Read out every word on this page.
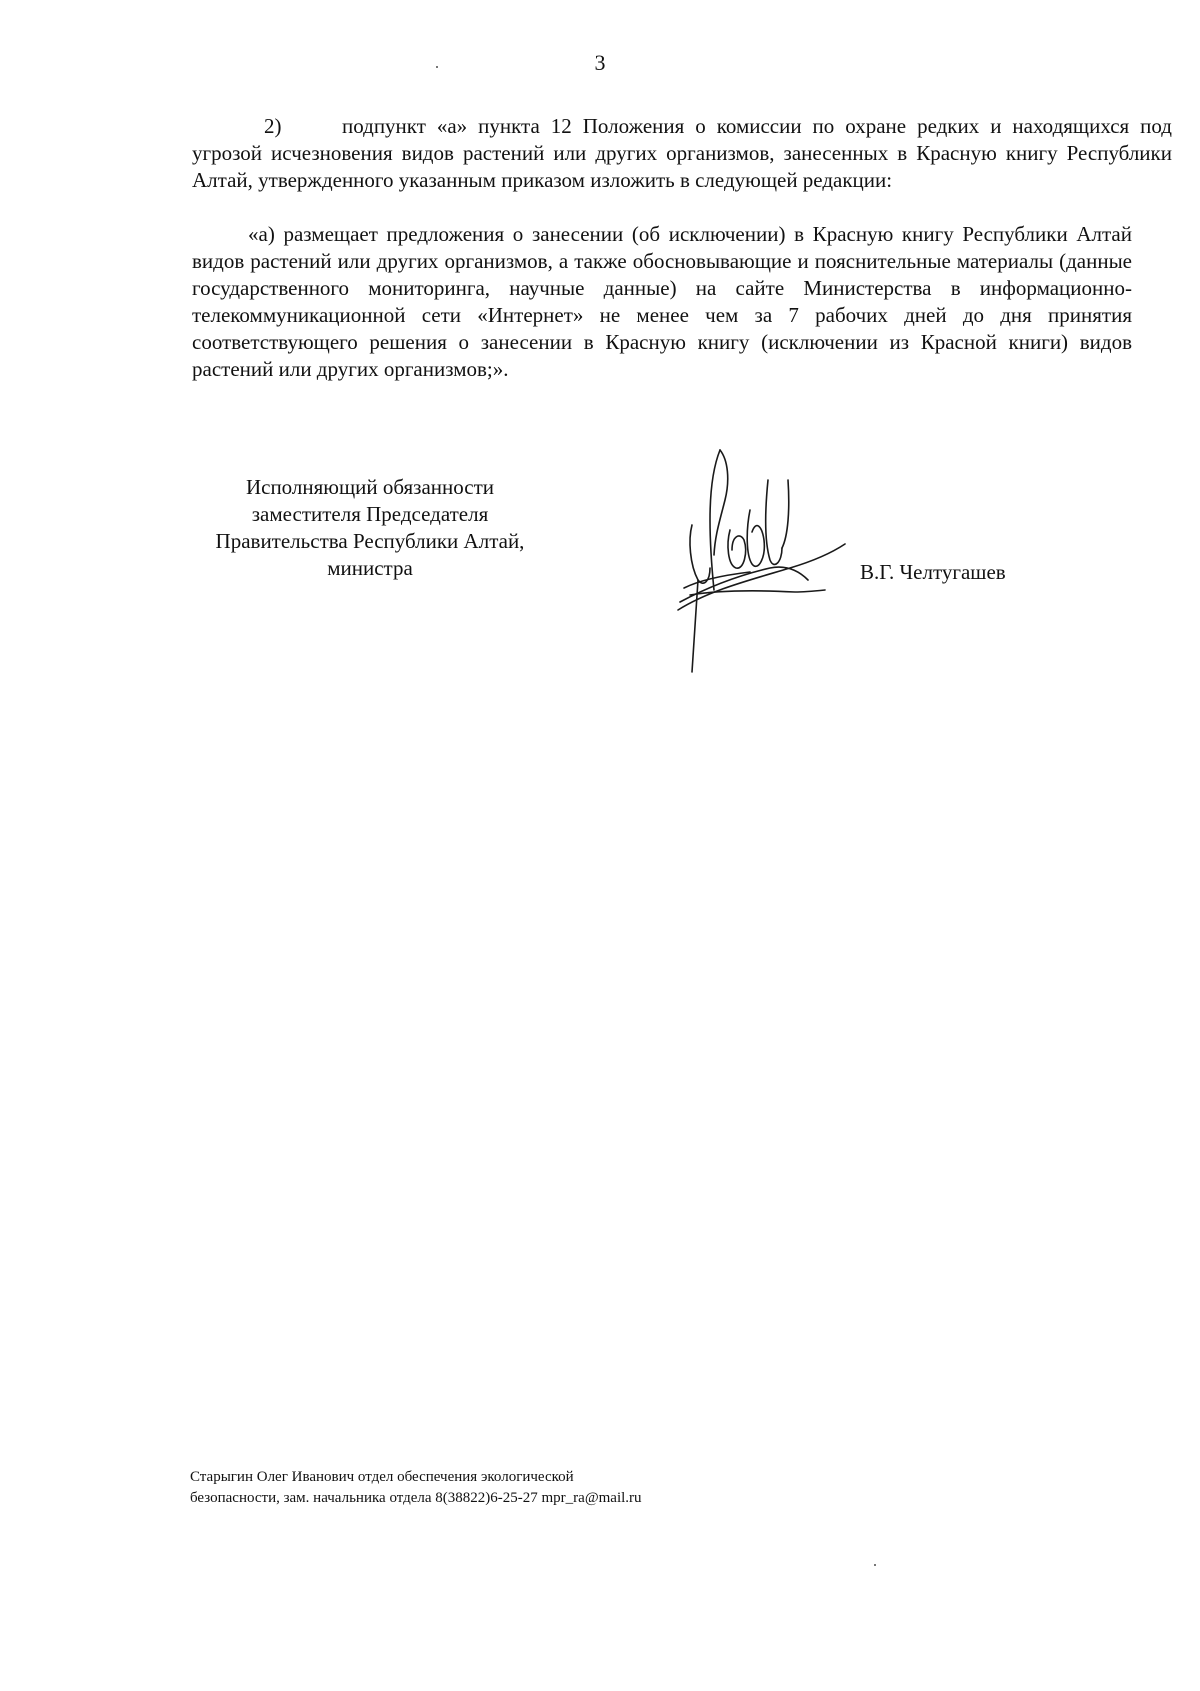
3
2)	подпункт «а» пункта 12 Положения о комиссии по охране редких и находящихся под угрозой исчезновения видов растений или других организмов, занесенных в Красную книгу Республики Алтай, утвержденного указанным приказом изложить в следующей редакции:
«а) размещает предложения о занесении (об исключении) в Красную книгу Республики Алтай видов растений или других организмов, а также обосновывающие и пояснительные материалы (данные государственного мониторинга, научные данные) на сайте Министерства в информационно-телекоммуникационной сети «Интернет» не менее чем за 7 рабочих дней до дня принятия соответствующего решения о занесении в Красную книгу (исключении из Красной книги) видов растений или других организмов;».
Исполняющий обязанности
заместителя Председателя
Правительства Республики Алтай,
министра	В.Г. Челтугашев
Старыгин Олег Иванович отдел обеспечения экологической
безопасности, зам. начальника отдела 8(38822)6-25-27 mpr_ra@mail.ru
